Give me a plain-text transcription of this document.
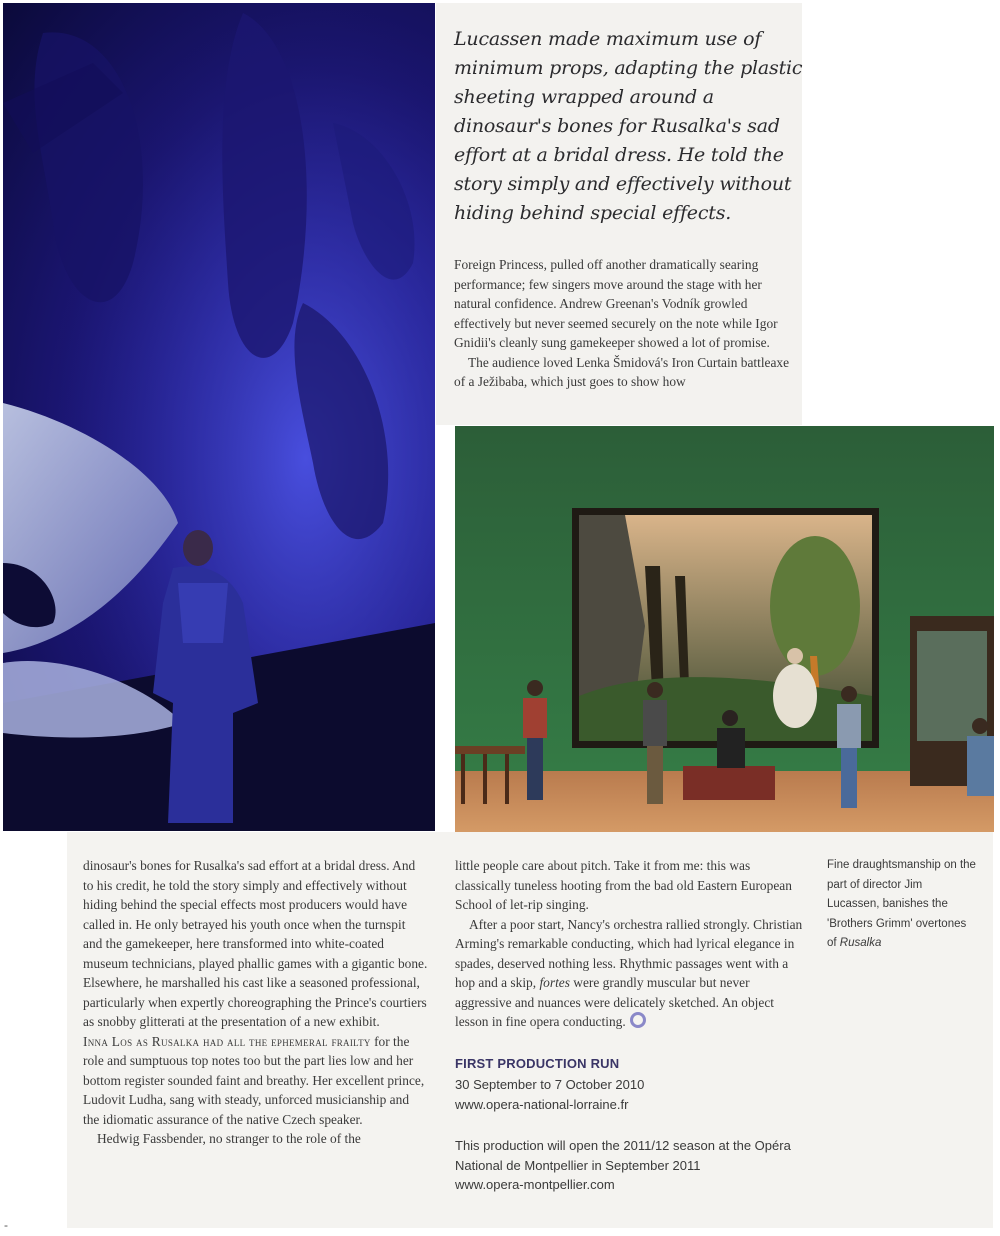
Lucassen made maximum use of minimum props, adapting the plastic sheeting wrapped around a dinosaur's bones for Rusalka's sad effort at a bridal dress. He told the story simply and effectively without hiding behind special effects.

Foreign Princess, pulled off another dramatically searing performance; few singers move around the stage with her natural confidence. Andrew Greenan's Vodník growled effectively but never seemed securely on the note while Igor Gnidii's cleanly sung gamekeeper showed a lot of promise.

The audience loved Lenka Šmidová's Iron Curtain battleaxe of a Ježibaba, which just goes to show how

dinosaur's bones for Rusalka's sad effort at a bridal dress. And to his credit, he told the story simply and effectively without hiding behind the special effects most producers would have called in. He only betrayed his youth once when the turnspit and the gamekeeper, here transformed into white-coated museum technicians, played phallic games with a gigantic bone. Elsewhere, he marshalled his cast like a seasoned professional, particularly when expertly choreographing the Prince's courtiers as snobby glitterati at the presentation of a new exhibit.

Inna Los as Rusalka had all the ephemeral frailty for the role and sumptuous top notes too but the part lies low and her bottom register sounded faint and breathy. Her excellent prince, Ludovit Ludha, sang with steady, unforced musicianship and the idiomatic assurance of the native Czech speaker.

Hedwig Fassbender, no stranger to the role of the

little people care about pitch. Take it from me: this was classically tuneless hooting from the bad old Eastern European School of let-rip singing.

After a poor start, Nancy's orchestra rallied strongly. Christian Arming's remarkable conducting, which had lyrical elegance in spades, deserved nothing less. Rhythmic passages went with a hop and a skip, fortes were grandly muscular but never aggressive and nuances were delicately sketched. An object lesson in fine opera conducting.

FIRST PRODUCTION RUN

30 September to 7 October 2010

www.opera-national-lorraine.fr

This production will open the 2011/12 season at the Opéra National de Montpellier in September 2011

www.opera-montpellier.com

Fine draughtsmanship on the part of director Jim Lucassen, banishes the 'Brothers Grimm' overtones of Rusalka

-
